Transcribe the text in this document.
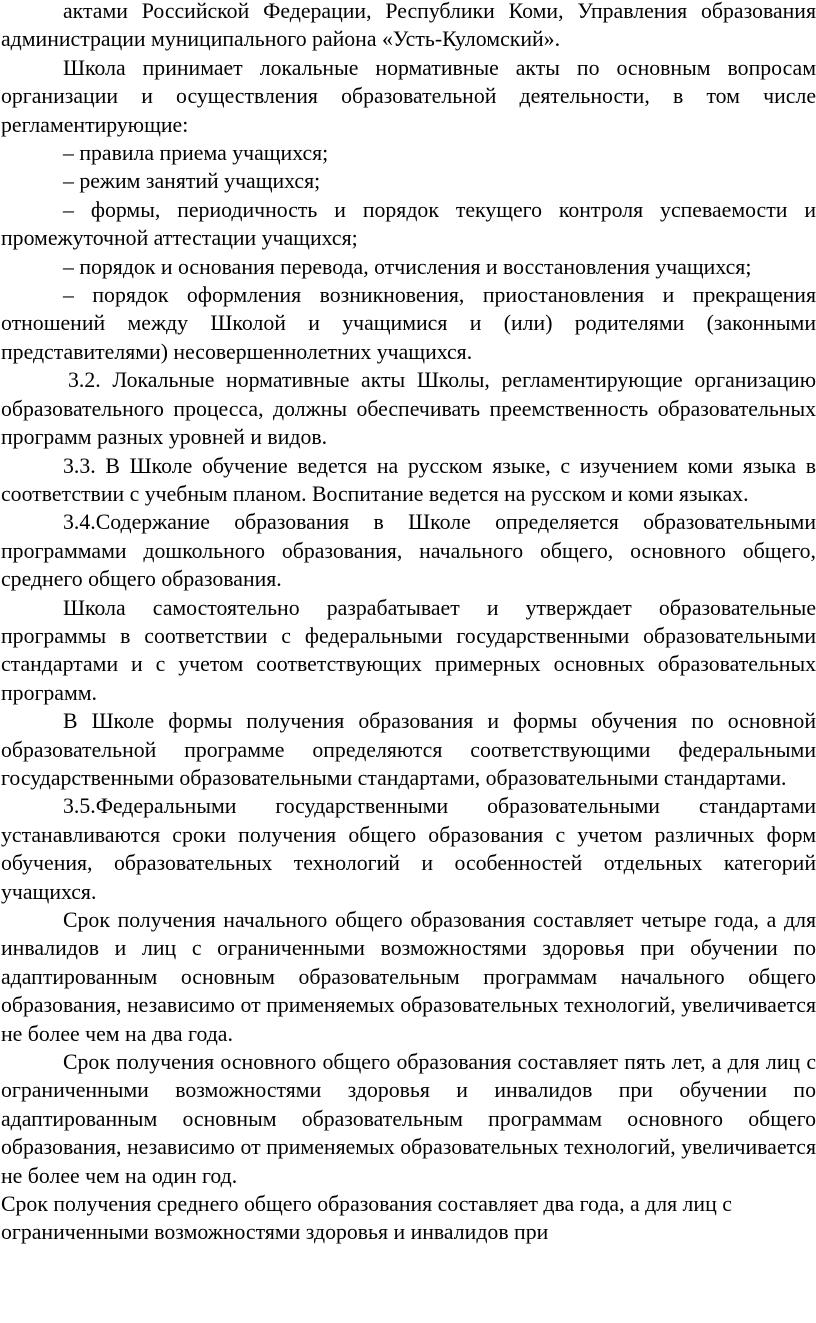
актами Российской Федерации, Республики Коми, Управления образования администрации муниципального района «Усть-Куломский».

Школа принимает локальные нормативные акты по основным вопросам организации и осуществления образовательной деятельности, в том числе регламентирующие:

– правила приема учащихся;

– режим занятий учащихся;

– формы, периодичность и порядок текущего контроля успеваемости и промежуточной аттестации учащихся;

– порядок и основания перевода, отчисления и восстановления учащихся;

– порядок оформления возникновения, приостановления и прекращения отношений между Школой и учащимися и (или) родителями (законными представителями) несовершеннолетних учащихся.

3.2. Локальные нормативные акты Школы, регламентирующие организацию образовательного процесса, должны обеспечивать преемственность образовательных программ разных уровней и видов.

3.3. В Школе обучение ведется на русском языке, с изучением коми языка в соответствии с учебным планом. Воспитание ведется на русском и коми языках.

3.4.Содержание образования в Школе определяется образовательными программами дошкольного образования, начального общего, основного общего, среднего общего образования.

Школа самостоятельно разрабатывает и утверждает образовательные программы в соответствии с федеральными государственными образовательными стандартами и с учетом соответствующих примерных основных образовательных программ.

В Школе формы получения образования и формы обучения по основной образовательной программе определяются соответствующими федеральными государственными образовательными стандартами, образовательными стандартами.

3.5.Федеральными государственными образовательными стандартами устанавливаются сроки получения общего образования с учетом различных форм обучения, образовательных технологий и особенностей отдельных категорий учащихся.

Срок получения начального общего образования составляет четыре года, а для инвалидов и лиц с ограниченными возможностями здоровья при обучении по адаптированным основным образовательным программам начального общего образования, независимо от применяемых образовательных технологий, увеличивается не более чем на два года.

Срок получения основного общего образования составляет пять лет, а для лиц с ограниченными возможностями здоровья и инвалидов при обучении по адаптированным основным образовательным программам основного общего образования, независимо от применяемых образовательных технологий, увеличивается не более чем на один год.

Срок получения среднего общего образования составляет два года, а для лиц с ограниченными возможностями здоровья и инвалидов при
